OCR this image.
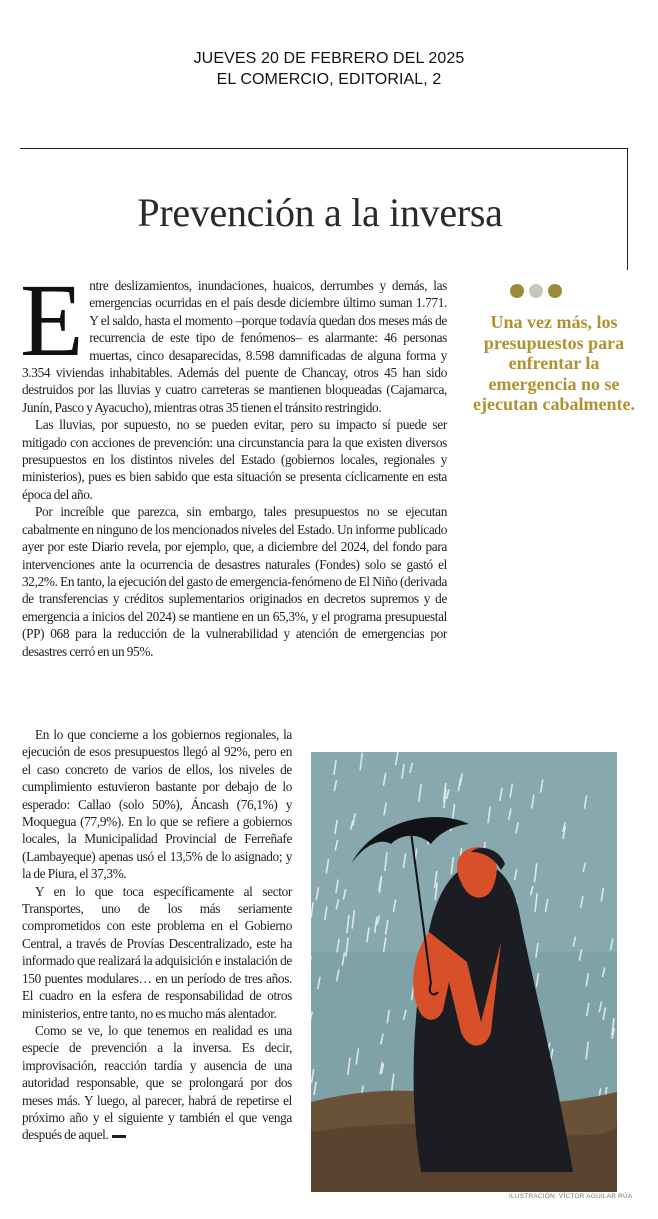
JUEVES 20 DE FEBRERO DEL 2025
EL COMERCIO, EDITORIAL, 2
Prevención a la inversa

Entre deslizamientos, inundaciones, huaicos, derrumbes y demás, las emergencias ocurridas en el país desde diciembre último suman 1.771. Y el saldo, hasta el momento –porque todavía quedan dos meses más de recurrencia de este tipo de fenómenos– es alarmante: 46 personas muertas, cinco desaparecidas, 8.598 damnificadas de alguna forma y 3.354 viviendas inhabitables. Además del puente de Chancay, otros 45 han sido destruidos por las lluvias y cuatro carreteras se mantienen bloqueadas (Cajamarca, Junín, Pasco y Ayacucho), mientras otras 35 tienen el tránsito restringido.

Las lluvias, por supuesto, no se pueden evitar, pero su impacto sí puede ser mitigado con acciones de prevención: una circunstancia para la que existen diversos presupuestos en los distintos niveles del Estado (gobiernos locales, regionales y ministerios), pues es bien sabido que esta situación se presenta cíclicamente en esta época del año.

Por increíble que parezca, sin embargo, tales presupuestos no se ejecutan cabalmente en ninguno de los mencionados niveles del Estado. Un informe publicado ayer por este Diario revela, por ejemplo, que, a diciembre del 2024, del fondo para intervenciones ante la ocurrencia de desastres naturales (Fondes) solo se gastó el 32,2%. En tanto, la ejecución del gasto de emergencia-fenómeno de El Niño (derivada de transferencias y créditos suplementarios originados en decretos supremos y de emergencia a inicios del 2024) se mantiene en un 65,3%, y el programa presupuestal (PP) 068 para la reducción de la vulnerabilidad y atención de emergencias por desastres cerró en un 95%.

En lo que concierne a los gobiernos regionales, la ejecución de esos presupuestos llegó al 92%, pero en el caso concreto de varios de ellos, los niveles de cumplimiento estuvieron bastante por debajo de lo esperado: Callao (solo 50%), Áncash (76,1%) y Moquegua (77,9%). En lo que se refiere a gobiernos locales, la Municipalidad Provincial de Ferreñafe (Lambayeque) apenas usó el 13,5% de lo asignado; y la de Piura, el 37,3%.

Y en lo que toca específicamente al sector Transportes, uno de los más seriamente comprometidos con este problema en el Gobierno Central, a través de Provías Descentralizado, este ha informado que realizará la adquisición e instalación de 150 puentes modulares… en un período de tres años. El cuadro en la esfera de responsabilidad de otros ministerios, entre tanto, no es mucho más alentador.

Como se ve, lo que tenemos en realidad es una especie de prevención a la inversa. Es decir, improvisación, reacción tardía y ausencia de una autoridad responsable, que se prolongará por dos meses más. Y luego, al parecer, habrá de repetirse el próximo año y el siguiente y también el que venga después de aquel.

Una vez más, los presupuestos para enfrentar la emergencia no se ejecutan cabalmente.
ILUSTRACIÓN: VÍCTOR AGUILAR RÚA
